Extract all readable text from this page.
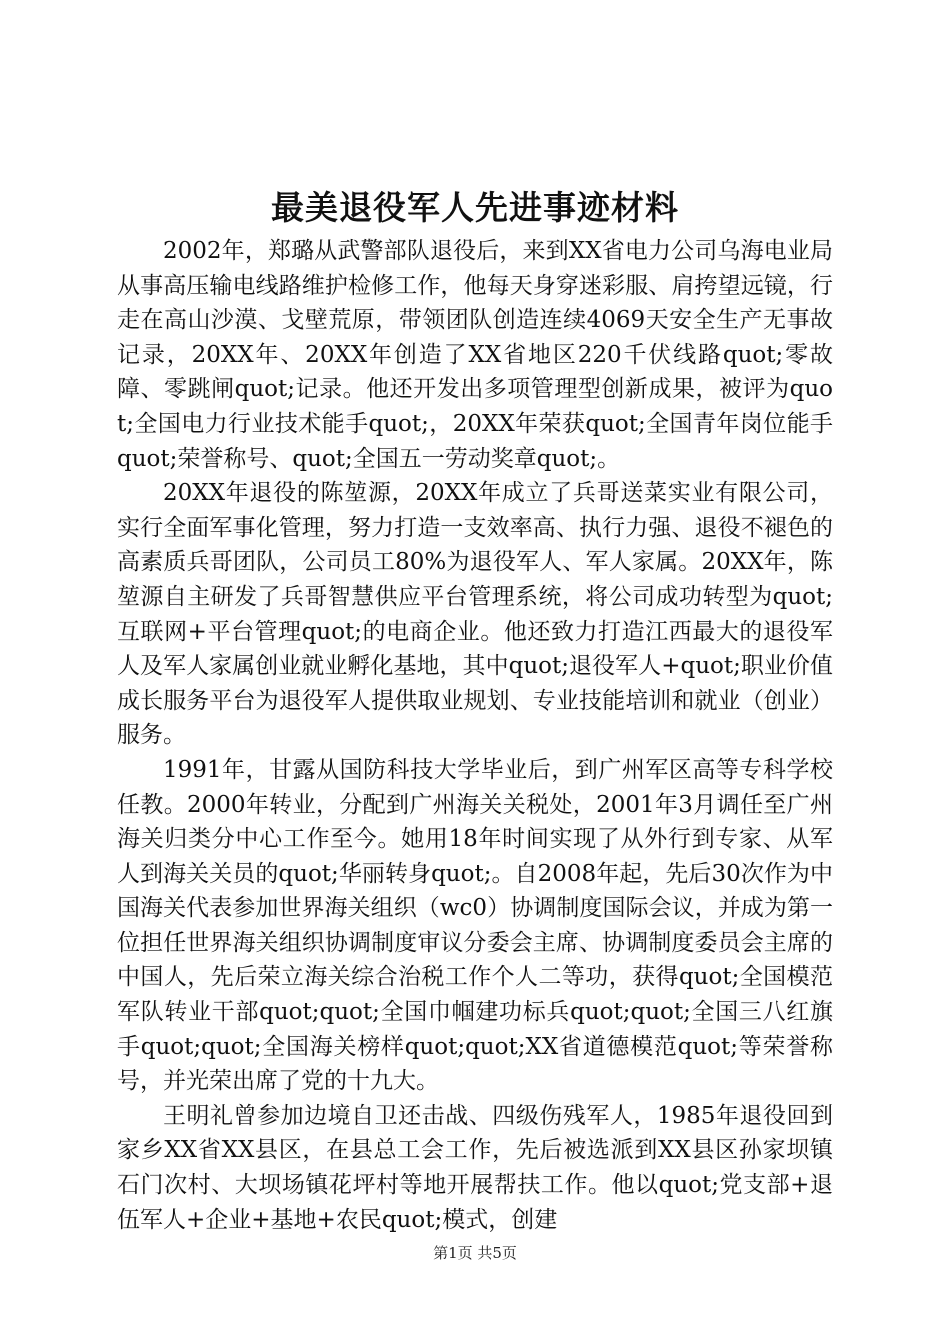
最美退役军人先进事迹材料

2002年，郑璐从武警部队退役后，来到XX省电力公司乌海电业局从事高压输电线路维护检修工作，他每天身穿迷彩服、肩挎望远镜，行走在高山沙漠、戈壁荒原，带领团队创造连续4069天安全生产无事故记录，20XX年、20XX年创造了XX省地区220千伏线路quot;零故障、零跳闸quot;记录。他还开发出多项管理型创新成果，被评为quot;全国电力行业技术能手quot;，20XX年荣获quot;全国青年岗位能手quot;荣誉称号、quot;全国五一劳动奖章quot;。

20XX年退役的陈堃源，20XX年成立了兵哥送菜实业有限公司，实行全面军事化管理，努力打造一支效率高、执行力强、退役不褪色的高素质兵哥团队，公司员工80%为退役军人、军人家属。20XX年，陈堃源自主研发了兵哥智慧供应平台管理系统，将公司成功转型为quot;互联网+平台管理quot;的电商企业。他还致力打造江西最大的退役军人及军人家属创业就业孵化基地，其中quot;退役军人+quot;职业价值成长服务平台为退役军人提供取业规划、专业技能培训和就业（创业）服务。

1991年，甘露从国防科技大学毕业后，到广州军区高等专科学校任教。2000年转业，分配到广州海关关税处，2001年3月调任至广州海关归类分中心工作至今。她用18年时间实现了从外行到专家、从军人到海关关员的quot;华丽转身quot;。自2008年起，先后30次作为中国海关代表参加世界海关组织（wc0）协调制度国际会议，并成为第一位担任世界海关组织协调制度审议分委会主席、协调制度委员会主席的中国人，先后荣立海关综合治税工作个人二等功，获得quot;全国模范军队转业干部quot;quot;全国巾帼建功标兵quot;quot;全国三八红旗手quot;quot;全国海关榜样quot;quot;XX省道德模范quot;等荣誉称号，并光荣出席了党的十九大。

王明礼曾参加边境自卫还击战、四级伤残军人，1985年退役回到家乡XX省XX县区，在县总工会工作，先后被选派到XX县区孙家坝镇石门次村、大坝场镇花坪村等地开展帮扶工作。他以quot;党支部+退伍军人+企业+基地+农民quot;模式，创建

第1页 共5页
